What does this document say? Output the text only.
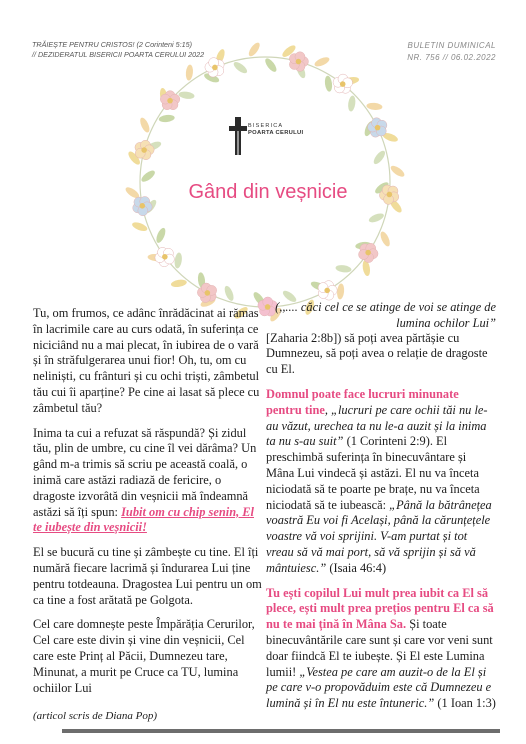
TRĂIEȘTE PENTRU CRISTOS! (2 Corinteni 5:15)
// DEZIDERATUL BISERICII POARTA CERULUI 2022
BULETIN DUMINICAL
NR. 756 // 06.02.2022
BISERICA
POARTA CERULUI
Gând din veșnicie

Tu, om frumos, ce adânc înrădăcinat ai rămas în lacrimile care au curs odată, în suferința ce niciciând nu a mai plecat, în iubirea de o vară și în străfulgerarea unui fior! Oh, tu, om cu neliniști, cu frânturi și cu ochi triști, zâmbetul tău cui îi aparține? Pe cine ai lasat să plece cu zâmbetul tău?

Inima ta cui a refuzat să răspundă? Și zidul tău, plin de umbre, cu cine îl vei dărâma? Un gând m-a trimis să scriu pe această coală, o inimă care astăzi radiază de fericire, o dragoste izvorâtă din veșnicii mă îndeamnă astăzi să îți spun: Iubit om cu chip senin, El te iubește din veșnicii!

El se bucură cu tine și zâmbește cu tine. El îți numără fiecare lacrimă și îndurarea Lui ține pentru totdeauna. Dragostea Lui pentru un om ca tine a fost arătată pe Golgota.

Cel care domnește peste Împărăția Cerurilor, Cel care este divin și vine din veșnicii, Cel care este Prinț al Păcii, Dumnezeu tare, Minunat, a murit pe Cruce ca TU, lumina ochiilor Lui

(,,.... căci cel ce se atinge de voi se atinge de lumina ochilor Lui”

[Zaharia 2:8b]) să poți avea părtășie cu Dumnezeu, să poți avea o relație de dragoste cu El.

Domnul poate face lucruri minunate pentru tine, „lucruri pe care ochii tăi nu le-au văzut, urechea ta nu le-a auzit și la inima ta nu s-au suit” (1 Corinteni 2:9). El preschimbă suferința în binecuvântare și Mâna Lui vindecă și astăzi. El nu va înceta niciodată să te poarte pe brațe, nu va înceta niciodată să te iubească: „Până la bătrânețea voastră Eu voi fi Același, până la cărunțețele voastre vă voi sprijini. V-am purtat și tot vreau să vă mai port, să vă sprijin și să vă mântuiesc.” (Isaia 46:4)

Tu ești copilul Lui mult prea iubit ca El să plece, ești mult prea prețios pentru El ca să nu te mai țină în Mâna Sa. Și toate binecuvântările care sunt și care vor veni sunt doar fiindcă El te iubește. Și El este Lumina lumii! „Vestea pe care am auzit-o de la El și pe care v-o propovăduim este că Dumnezeu e lumină și în El nu este întuneric.” (1 Ioan 1:3)

(articol scris de Diana Pop)
